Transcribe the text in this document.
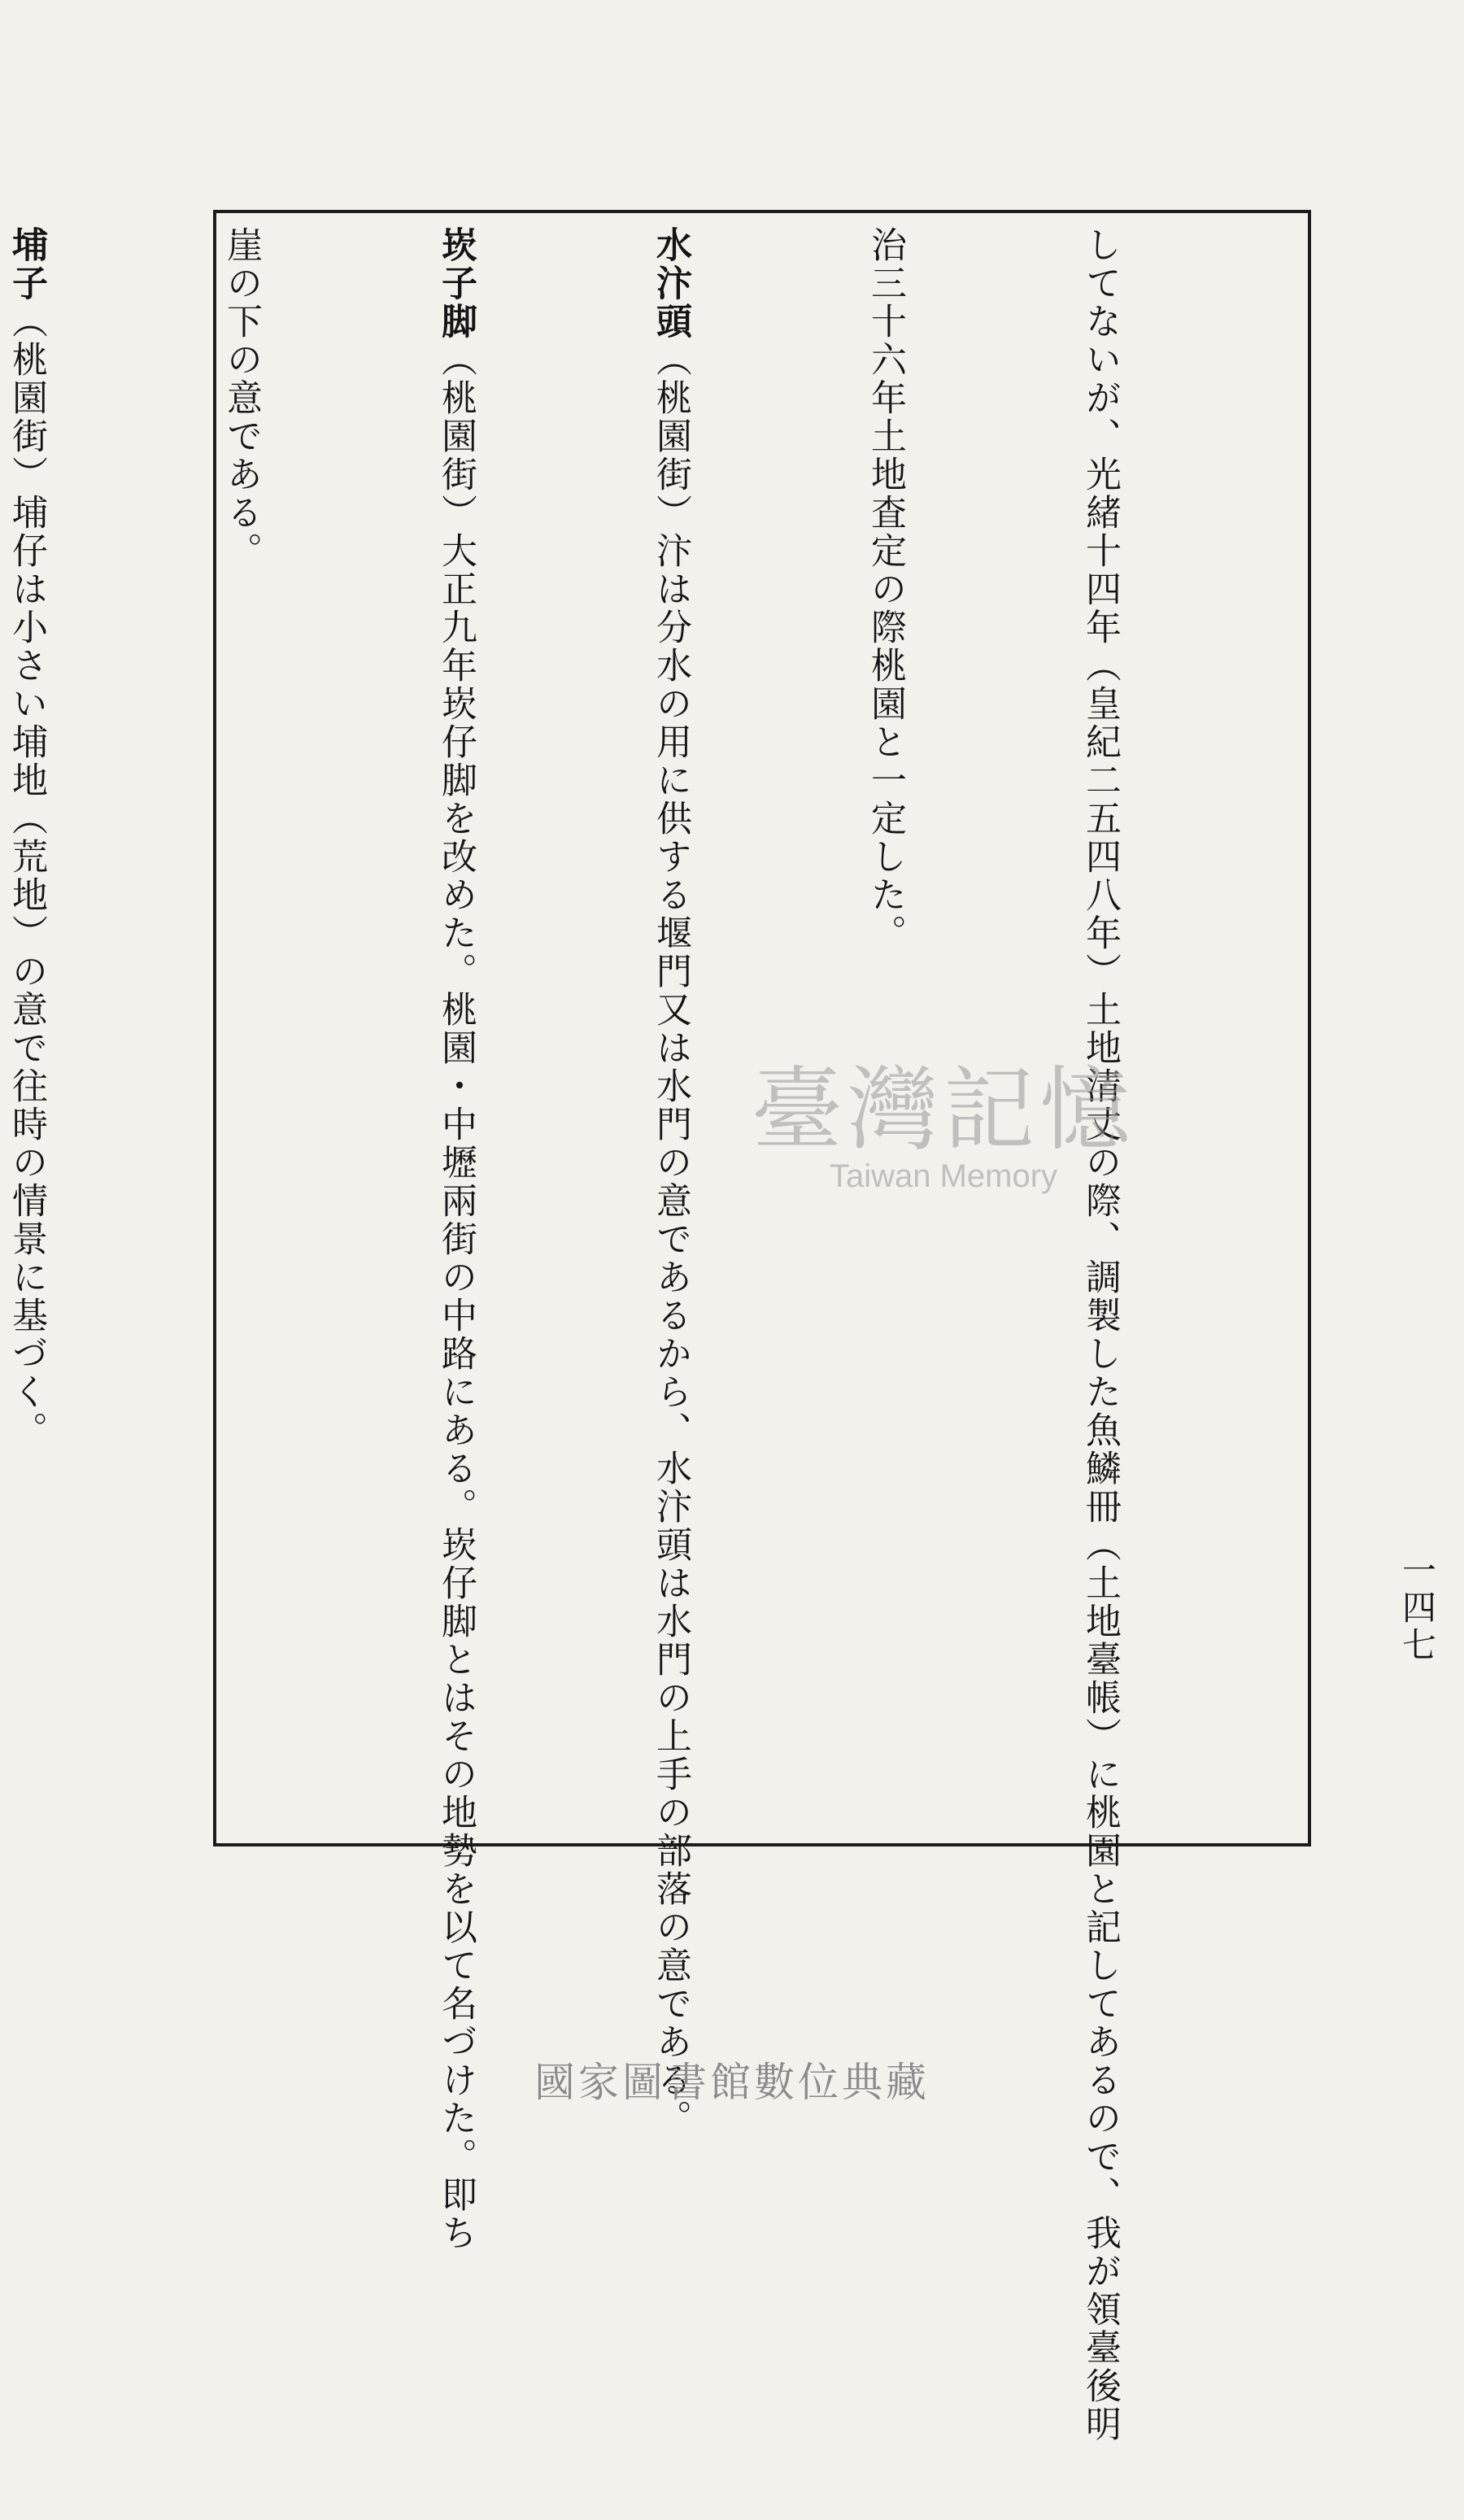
してないが、光緒十四年（皇紀二五四八年）土地清丈の際、調製した魚鱗冊（土地臺帳）に桃園と記してあるので、我が領臺後明

治三十六年土地査定の際桃園と一定した。

水汴頭（桃園街）汴は分水の用に供する堰門又は水門の意であるから、水汴頭は水門の上手の部落の意である。

崁子脚（桃園街）大正九年崁仔脚を改めた。桃園・中壢兩街の中路にある。崁仔脚とはその地勢を以て名づけた。即ち

崖の下の意である。

埔子（桃園街）埔仔は小さい埔地（荒地）の意で往時の情景に基づく。

一四七
臺灣記憶
Taiwan Memory
國家圖書館數位典藏
